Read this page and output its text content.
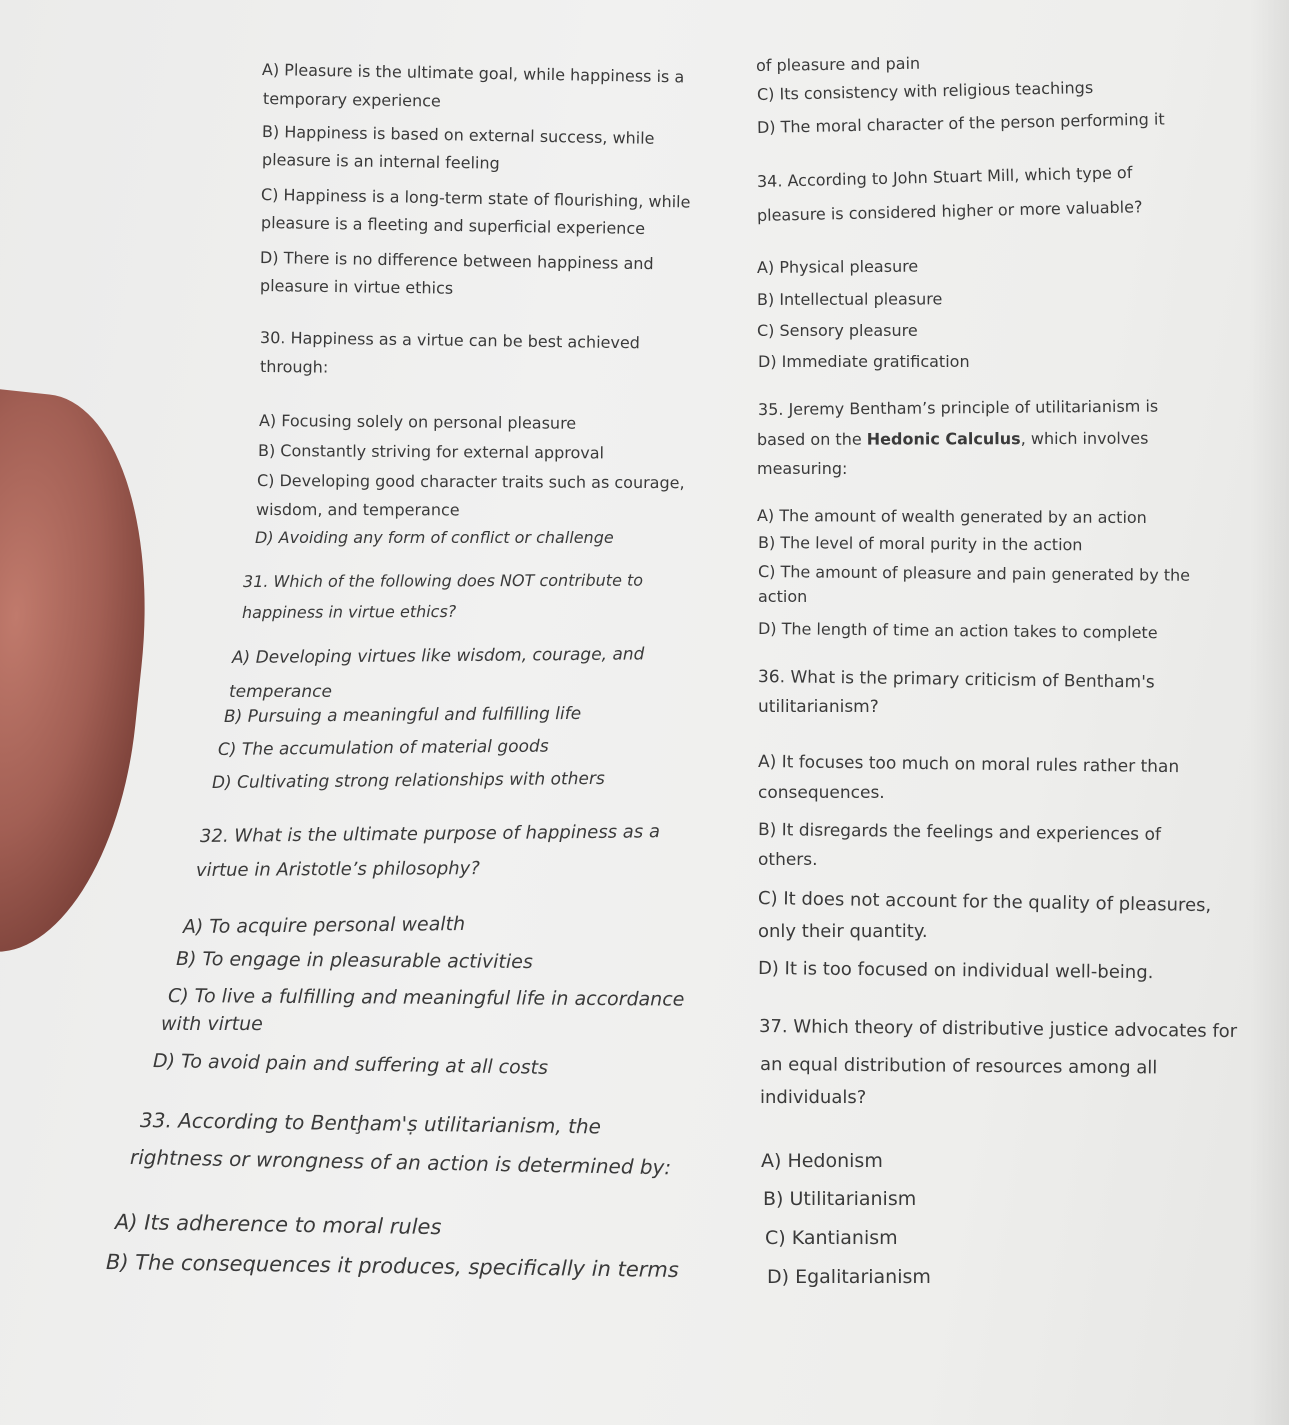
A) Pleasure is the ultimate goal, while happiness is a
temporary experience
B) Happiness is based on external success, while
pleasure is an internal feeling
C) Happiness is a long-term state of flourishing, while
pleasure is a fleeting and superficial experience
D) There is no difference between happiness and
pleasure in virtue ethics
30. Happiness as a virtue can be best achieved
through:
A) Focusing solely on personal pleasure
B) Constantly striving for external approval
C) Developing good character traits such as courage,
wisdom, and temperance
D) Avoiding any form of conflict or challenge
31. Which of the following does NOT contribute to
happiness in virtue ethics?
A) Developing virtues like wisdom, courage, and
temperance
B) Pursuing a meaningful and fulfilling life
C) The accumulation of material goods
D) Cultivating strong relationships with others
32. What is the ultimate purpose of happiness as a
virtue in Aristotle’s philosophy?
A) To acquire personal wealth
B) To engage in pleasurable activities
C) To live a fulfilling and meaningful life in accordance
with virtue
D) To avoid pain and suffering at all costs
33. According to Bentḩam'ṣ utilitarianism, the
rightness or wrongness of an action is determined by:
A) Its adherence to moral rules
B) The consequences it produces, specifically in terms
of pleasure and pain
C) Its consistency with religious teachings
D) The moral character of the person performing it
34. According to John Stuart Mill, which type of
pleasure is considered higher or more valuable?
A) Physical pleasure
B) Intellectual pleasure
C) Sensory pleasure
D) Immediate gratification
35. Jeremy Bentham’s principle of utilitarianism is
based on the Hedonic Calculus, which involves
measuring:
A) The amount of wealth generated by an action
B) The level of moral purity in the action
C) The amount of pleasure and pain generated by the
action
D) The length of time an action takes to complete
36. What is the primary criticism of Bentham's
utilitarianism?
A) It focuses too much on moral rules rather than
consequences.
B) It disregards the feelings and experiences of
others.
C) It does not account for the quality of pleasures,
only their quantity.
D) It is too focused on individual well-being.
37. Which theory of distributive justice advocates for
an equal distribution of resources among all
individuals?
A) Hedonism
B) Utilitarianism
C) Kantianism
D) Egalitarianism
